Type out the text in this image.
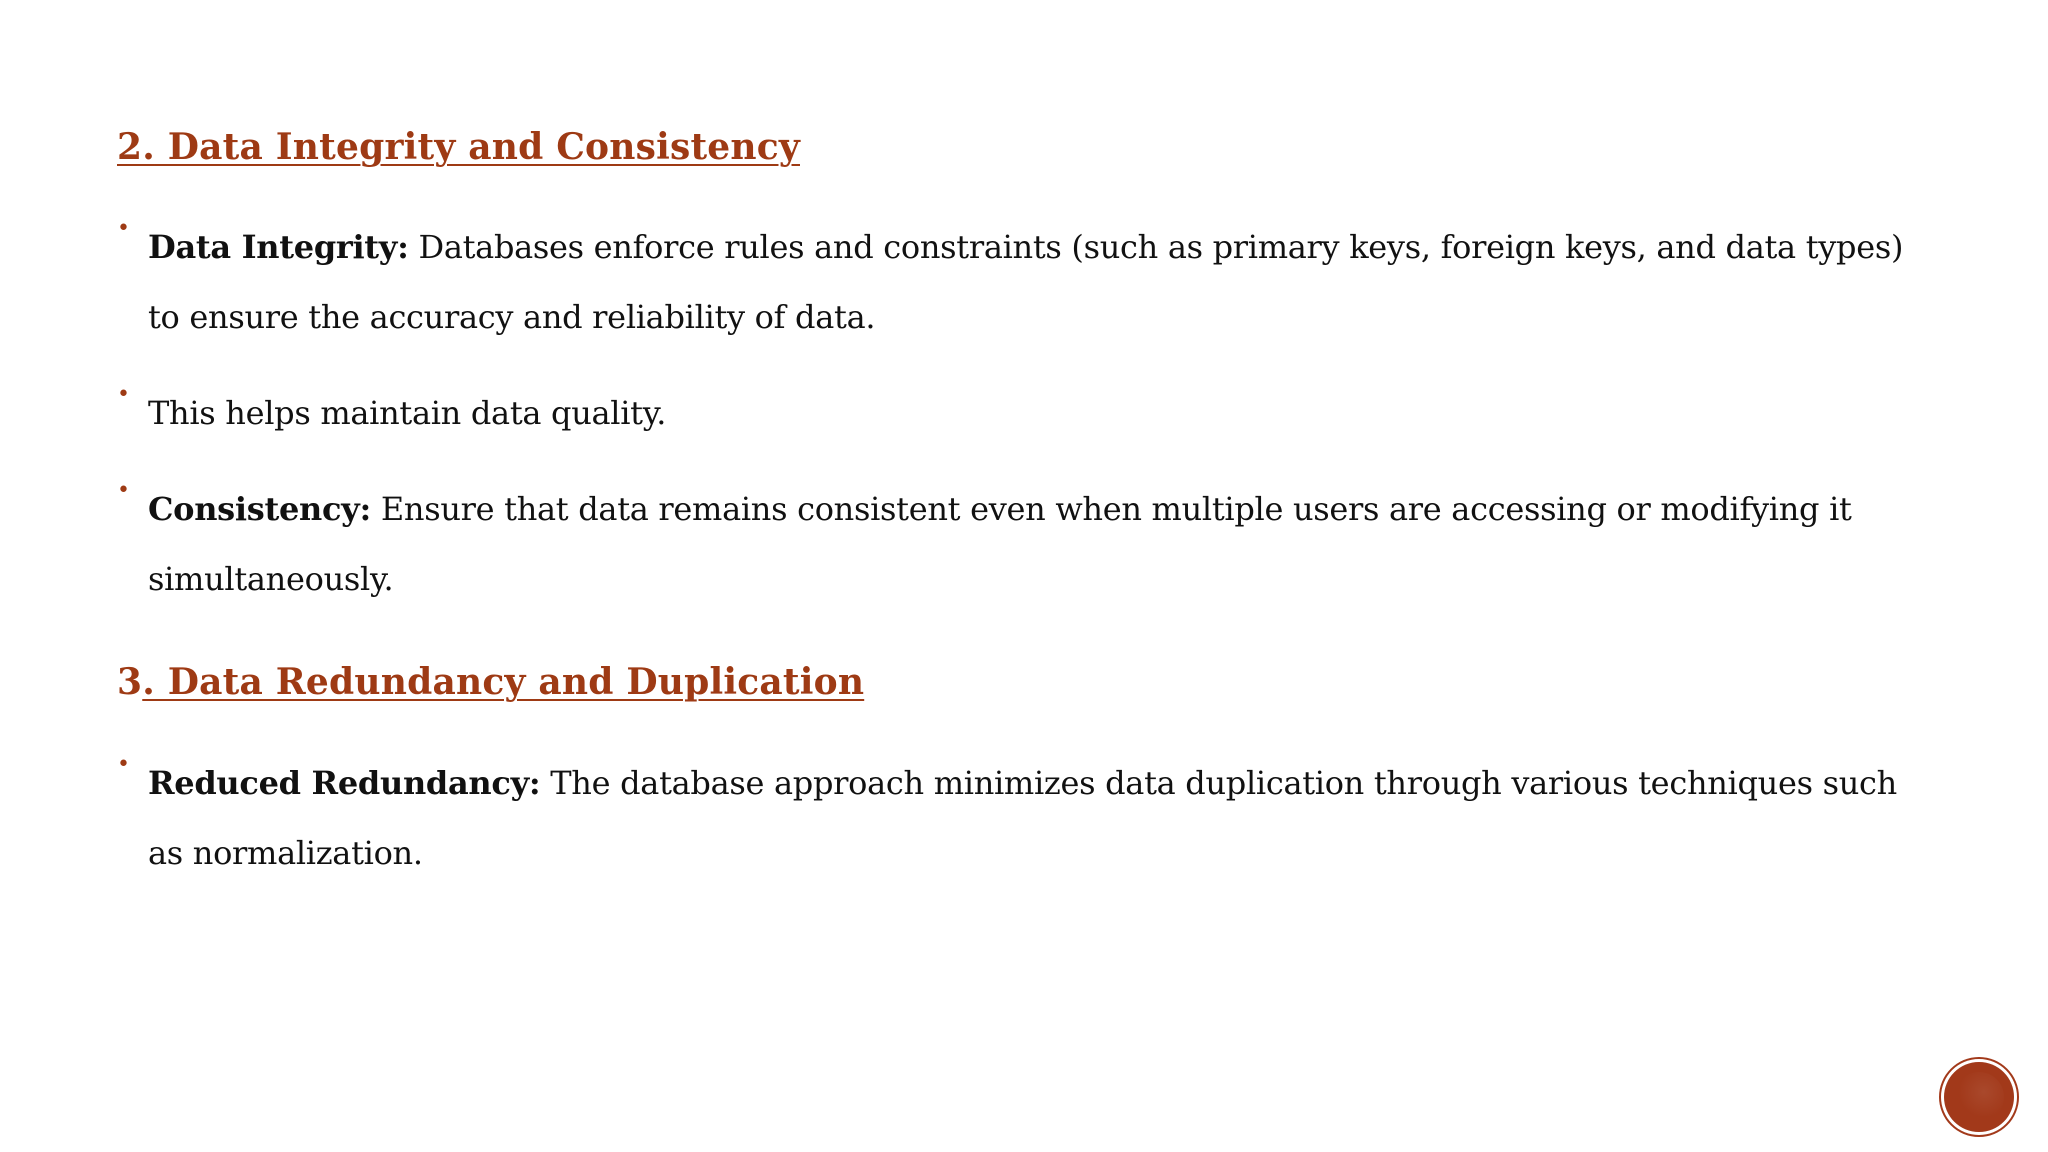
2. Data Integrity and Consistency
• Data Integrity: Databases enforce rules and constraints (such as primary keys, foreign keys, and data types) to ensure the accuracy and reliability of data.
• This helps maintain data quality.
• Consistency: Ensure that data remains consistent even when multiple users are accessing or modifying it simultaneously.
3. Data Redundancy and Duplication
• Reduced Redundancy: The database approach minimizes data duplication through various techniques such as normalization.
